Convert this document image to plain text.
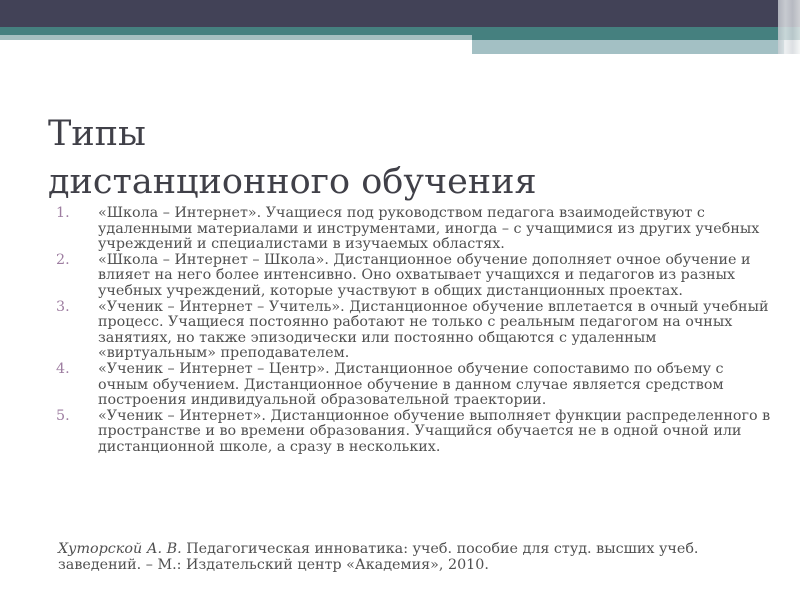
Типы
дистанционного обучения
1. «Школа – Интернет». Учащиеся под руководством педагога взаимодействуют с удаленными материалами и инструментами, иногда – с учащимися из других учебных учреждений и специалистами в изучаемых областях.
2. «Школа – Интернет – Школа». Дистанционное обучение дополняет очное обучение и влияет на него более интенсивно. Оно охватывает учащихся и педагогов из разных учебных учреждений, которые участвуют в общих дистанционных проектах.
3. «Ученик – Интернет – Учитель». Дистанционное обучение вплетается в очный учебный процесс. Учащиеся постоянно работают не только с реальным педагогом на очных занятиях, но также эпизодически или постоянно общаются с удаленным «виртуальным» преподавателем.
4. «Ученик – Интернет – Центр». Дистанционное обучение сопоставимо по объему с очным обучением. Дистанционное обучение в данном случае является средством построения индивидуальной образовательной траектории.
5. «Ученик – Интернет». Дистанционное обучение выполняет функции распределенного в пространстве и во времени образования. Учащийся обучается не в одной очной или дистанционной школе, а сразу в нескольких.
Хуторской А. В. Педагогическая инноватика: учеб. пособие для студ. высших учеб. заведений. – М.: Издательский центр «Академия», 2010.
